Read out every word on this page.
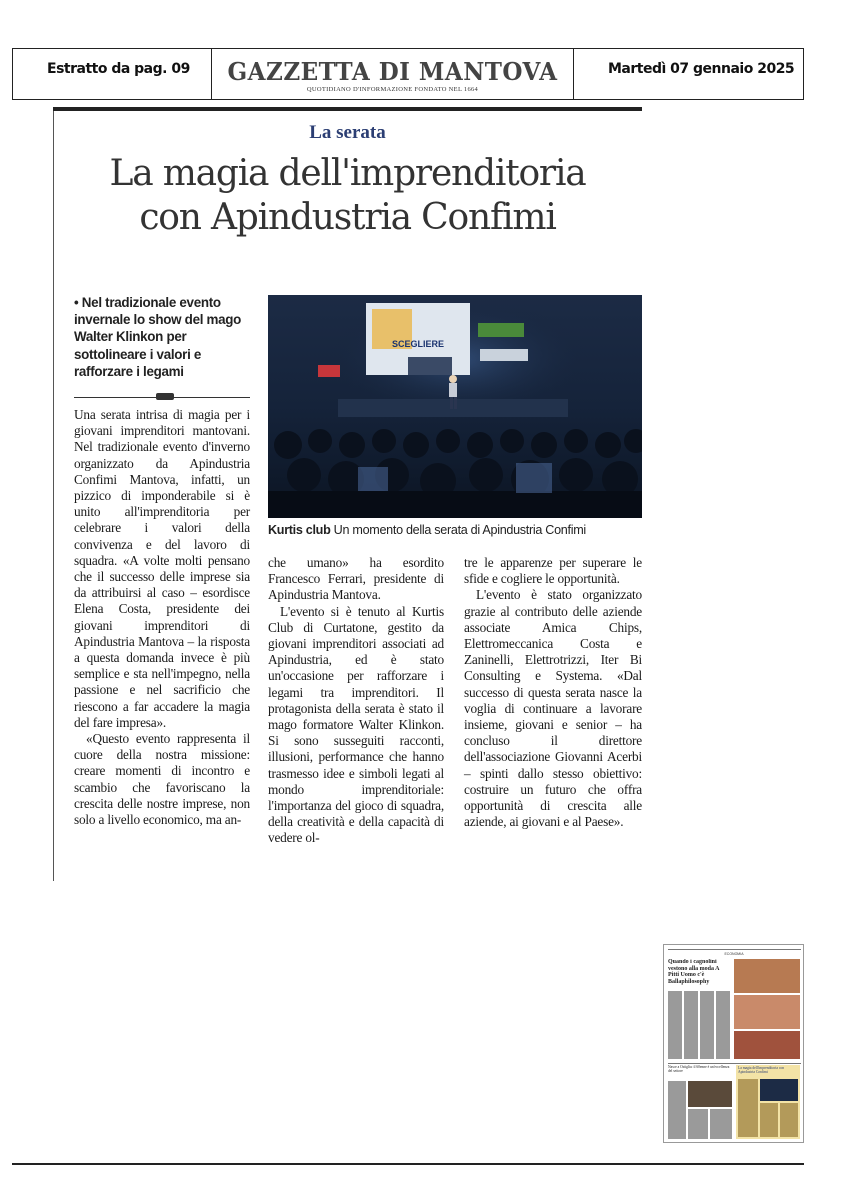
Estratto da pag. 09	GAZZETTA DI MANTOVA
QUOTIDIANO D'INFORMAZIONE FONDATO NEL 1664
Martedì 07 gennaio 2025
La serata
La magia dell'imprenditoria
con Apindustria Confimi
• Nel tradizionale evento invernale lo show del mago Walter Klinkon per sottolineare i valori e rafforzare i legami
SCEGLIERE
Kurtis club Un momento della serata di Apindustria Confimi

Una serata intrisa di magia per i giovani imprenditori mantovani. Nel tradizionale evento d'inverno organizzato da Apindustria Confimi Mantova, infatti, un pizzico di imponderabile si è unito all'imprenditoria per celebrare i valori della convivenza e del lavoro di squadra. «A volte molti pensano che il successo delle imprese sia da attribuirsi al caso – esordisce Elena Costa, presidente dei giovani imprenditori di Apindustria Mantova – la risposta a questa domanda invece è più semplice e sta nell'impegno, nella passione e nel sacrificio che riescono a far accadere la magia del fare impresa».

«Questo evento rappresenta il cuore della nostra missione: creare momenti di incontro e scambio che favoriscano la crescita delle nostre imprese, non solo a livello economico, ma an-

che umano» ha esordito Francesco Ferrari, presidente di Apindustria Mantova.

L'evento si è tenuto al Kurtis Club di Curtatone, gestito da giovani imprenditori associati ad Apindustria, ed è stato un'occasione per rafforzare i legami tra imprenditori. Il protagonista della serata è stato il mago formatore Walter Klinkon. Si sono susseguiti racconti, illusioni, performance che hanno trasmesso idee e simboli legati al mondo imprenditoriale: l'importanza del gioco di squadra, della creatività e della capacità di vedere ol-

tre le apparenze per superare le sfide e cogliere le opportunità.

L'evento è stato organizzato grazie al contributo delle aziende associate Amica Chips, Elettromeccanica Costa e Zaninelli, Elettrotrizzi, Iter Bi Consulting e Systema. «Dal successo di questa serata nasce la voglia di continuare a lavorare insieme, giovani e senior – ha concluso il direttore dell'associazione Giovanni Acerbi – spinti dallo stesso obiettivo: costruire un futuro che offra opportunità di crescita alle aziende, ai giovani e al Paese».

ECONOMIA
Quando i cagnolini vestono alla moda A Pitti Uomo c'è Ballaphilosophy
Nasce a Ostiglia: il 60enne è un'eccellenza del settore
La magia dell'imprenditoria con Apindustria Confimi
